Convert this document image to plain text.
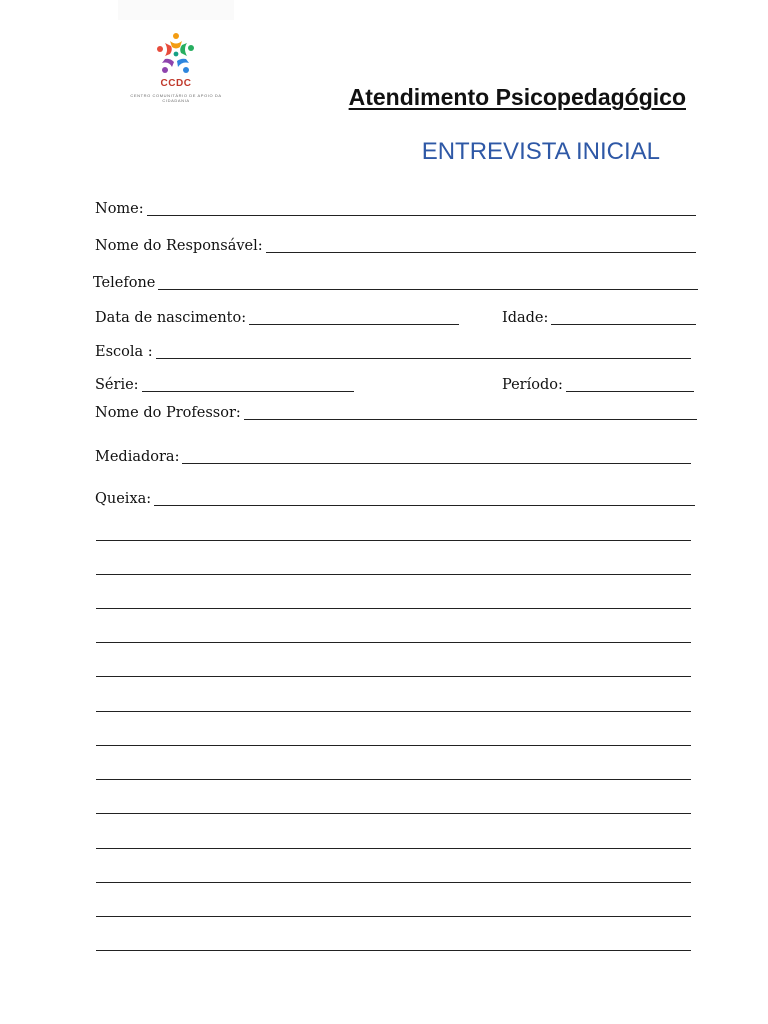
CCDC
CENTRO COMUNITÁRIO DE APOIO DA CIDADANIA	Atendimento Psicopedagógico
ENTREVISTA INICIAL
Nome:
Nome do Responsável:
Telefone
Data de nascimento:	Idade:
Escola :
Série:	Período:
Nome do Professor:
Mediadora:
Queixa:
